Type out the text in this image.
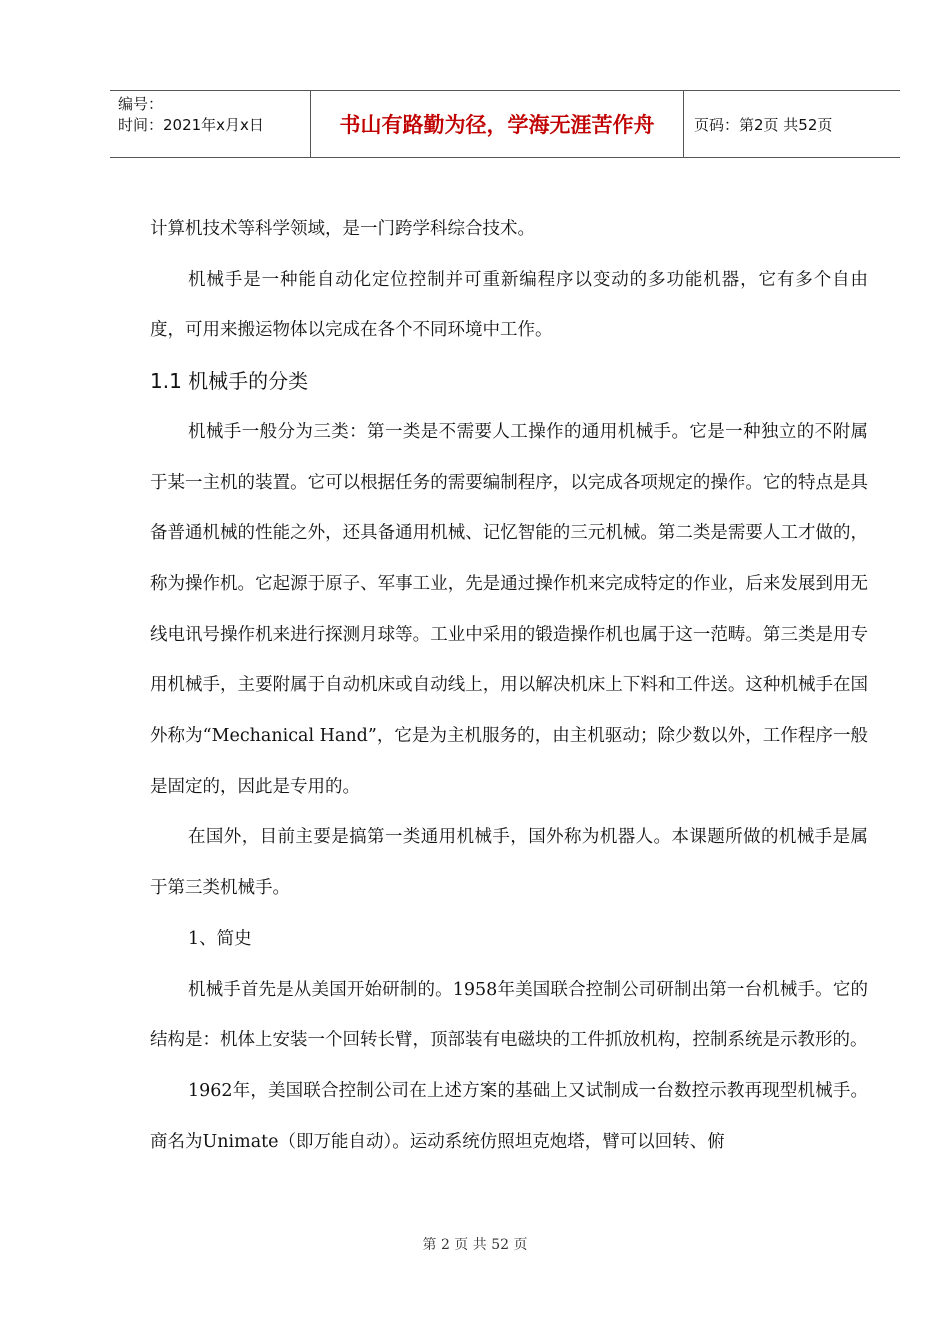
编号：
时间：2021年x月x日	书山有路勤为径，学海无涯苦作舟	页码：第2页 共52页

计算机技术等科学领域，是一门跨学科综合技术。

机械手是一种能自动化定位控制并可重新编程序以变动的多功能机器，它有多个自由度，可用来搬运物体以完成在各个不同环境中工作。

1.1 机械手的分类

机械手一般分为三类：第一类是不需要人工操作的通用机械手。它是一种独立的不附属于某一主机的装置。它可以根据任务的需要编制程序，以完成各项规定的操作。它的特点是具备普通机械的性能之外，还具备通用机械、记忆智能的三元机械。第二类是需要人工才做的，称为操作机。它起源于原子、军事工业，先是通过操作机来完成特定的作业，后来发展到用无线电讯号操作机来进行探测月球等。工业中采用的锻造操作机也属于这一范畴。第三类是用专用机械手，主要附属于自动机床或自动线上，用以解决机床上下料和工件送。这种机械手在国外称为“Mechanical Hand”，它是为主机服务的，由主机驱动；除少数以外，工作程序一般是固定的，因此是专用的。

在国外，目前主要是搞第一类通用机械手，国外称为机器人。本课题所做的机械手是属于第三类机械手。

1、简史

机械手首先是从美国开始研制的。1958年美国联合控制公司研制出第一台机械手。它的结构是：机体上安装一个回转长臂，顶部装有电磁块的工件抓放机构，控制系统是示教形的。

1962年，美国联合控制公司在上述方案的基础上又试制成一台数控示教再现型机械手。商名为Unimate（即万能自动）。运动系统仿照坦克炮塔，臂可以回转、俯

第 2 页 共 52 页
